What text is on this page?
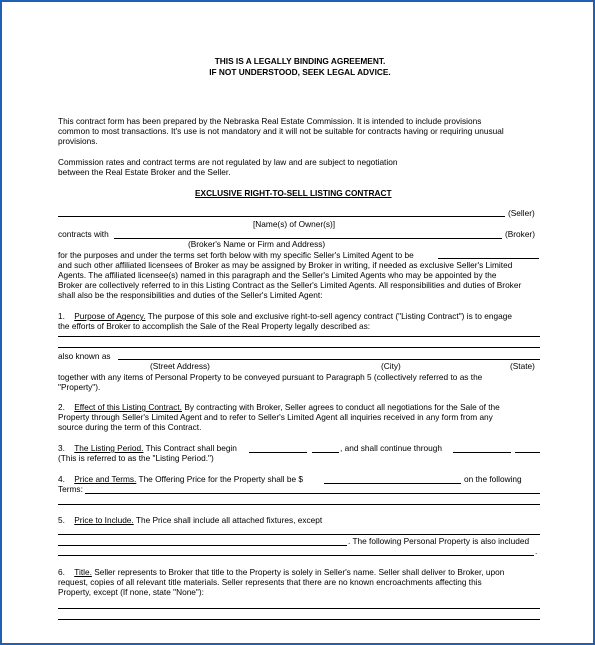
THIS IS A LEGALLY BINDING AGREEMENT.
IF NOT UNDERSTOOD, SEEK LEGAL ADVICE.
This contract form has been prepared by the Nebraska Real Estate Commission. It is intended to include provisions
common to most transactions. It's use is not mandatory and it will not be suitable for contracts having or requiring unusual
provisions.
Commission rates and contract terms are not regulated by law and are subject to negotiation
between the Real Estate Broker and the Seller.
EXCLUSIVE RIGHT-TO-SELL LISTING CONTRACT
(Seller)
[Name(s) of Owner(s)]
contracts with	(Broker)
(Broker's Name or Firm and Address)
for the purposes and under the terms set forth below with my specific Seller's Limited Agent to be
and such other affiliated licensees of Broker as may be assigned by Broker in writing, if needed as exclusive Seller's Limited
Agents. The affiliated licensee(s) named in this paragraph and the Seller's Limited Agents who may be appointed by the
Broker are collectively referred to in this Listing Contract as the Seller's Limited Agents. All responsibilities and duties of Broker
shall also be the responsibilities and duties of the Seller's Limited Agent:
1. Purpose of Agency. The purpose of this sole and exclusive right-to-sell agency contract ("Listing Contract") is to engage
the efforts of Broker to accomplish the Sale of the Real Property legally described as:
also known as
(Street Address)	(City)	(State)
together with any items of Personal Property to be conveyed pursuant to Paragraph 5 (collectively referred to as the
"Property").
2. Effect of this Listing Contract. By contracting with Broker, Seller agrees to conduct all negotiations for the Sale of the
Property through Seller's Limited Agent and to refer to Seller's Limited Agent all inquiries received in any form from any
source during the term of this Contract.
3. The Listing Period. This Contract shall begin	, and shall continue through
(This is referred to as the "Listing Period.")
4. Price and Terms. The Offering Price for the Property shall be $	on the following
Terms:
5. Price to Include. The Price shall include all attached fixtures, except
. The following Personal Property is also included
.
6. Title. Seller represents to Broker that title to the Property is solely in Seller's name. Seller shall deliver to Broker, upon
request, copies of all relevant title materials. Seller represents that there are no known encroachments affecting this
Property, except (If none, state "None"):
